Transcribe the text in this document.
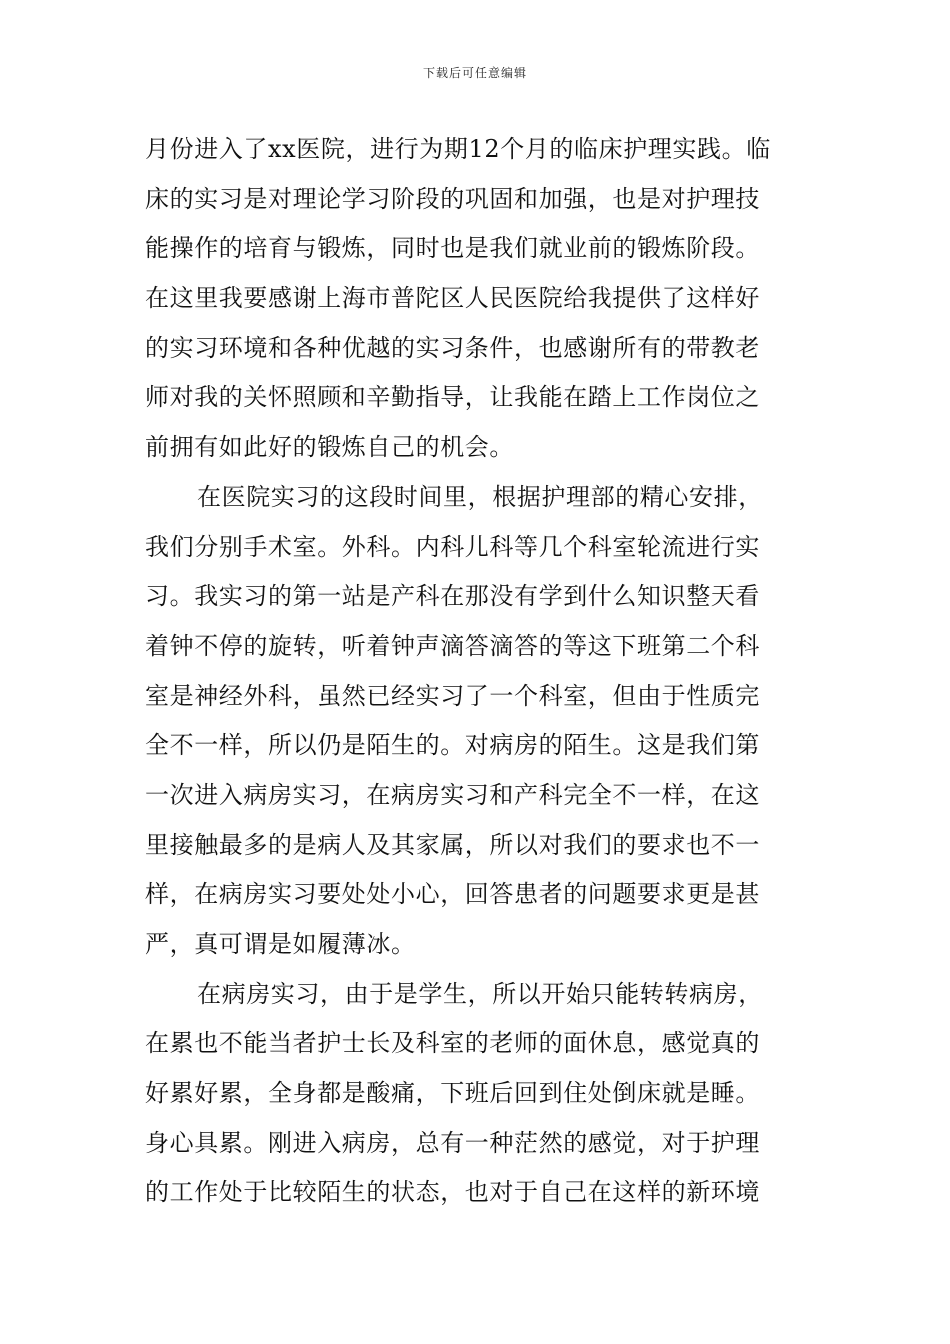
下载后可任意编辑
月份进入了xx医院，进行为期12个月的临床护理实践。临
床的实习是对理论学习阶段的巩固和加强，也是对护理技
能操作的培育与锻炼，同时也是我们就业前的锻炼阶段。
在这里我要感谢上海市普陀区人民医院给我提供了这样好
的实习环境和各种优越的实习条件，也感谢所有的带教老
师对我的关怀照顾和辛勤指导，让我能在踏上工作岗位之
前拥有如此好的锻炼自己的机会。
在医院实习的这段时间里，根据护理部的精心安排，
我们分别手术室。外科。内科儿科等几个科室轮流进行实
习。我实习的第一站是产科在那没有学到什么知识整天看
着钟不停的旋转，听着钟声滴答滴答的等这下班第二个科
室是神经外科，虽然已经实习了一个科室，但由于性质完
全不一样，所以仍是陌生的。对病房的陌生。这是我们第
一次进入病房实习，在病房实习和产科完全不一样，在这
里接触最多的是病人及其家属，所以对我们的要求也不一
样，在病房实习要处处小心，回答患者的问题要求更是甚
严，真可谓是如履薄冰。
在病房实习，由于是学生，所以开始只能转转病房，
在累也不能当者护士长及科室的老师的面休息，感觉真的
好累好累，全身都是酸痛，下班后回到住处倒床就是睡。
身心具累。刚进入病房，总有一种茫然的感觉，对于护理
的工作处于比较陌生的状态，也对于自己在这样的新环境
